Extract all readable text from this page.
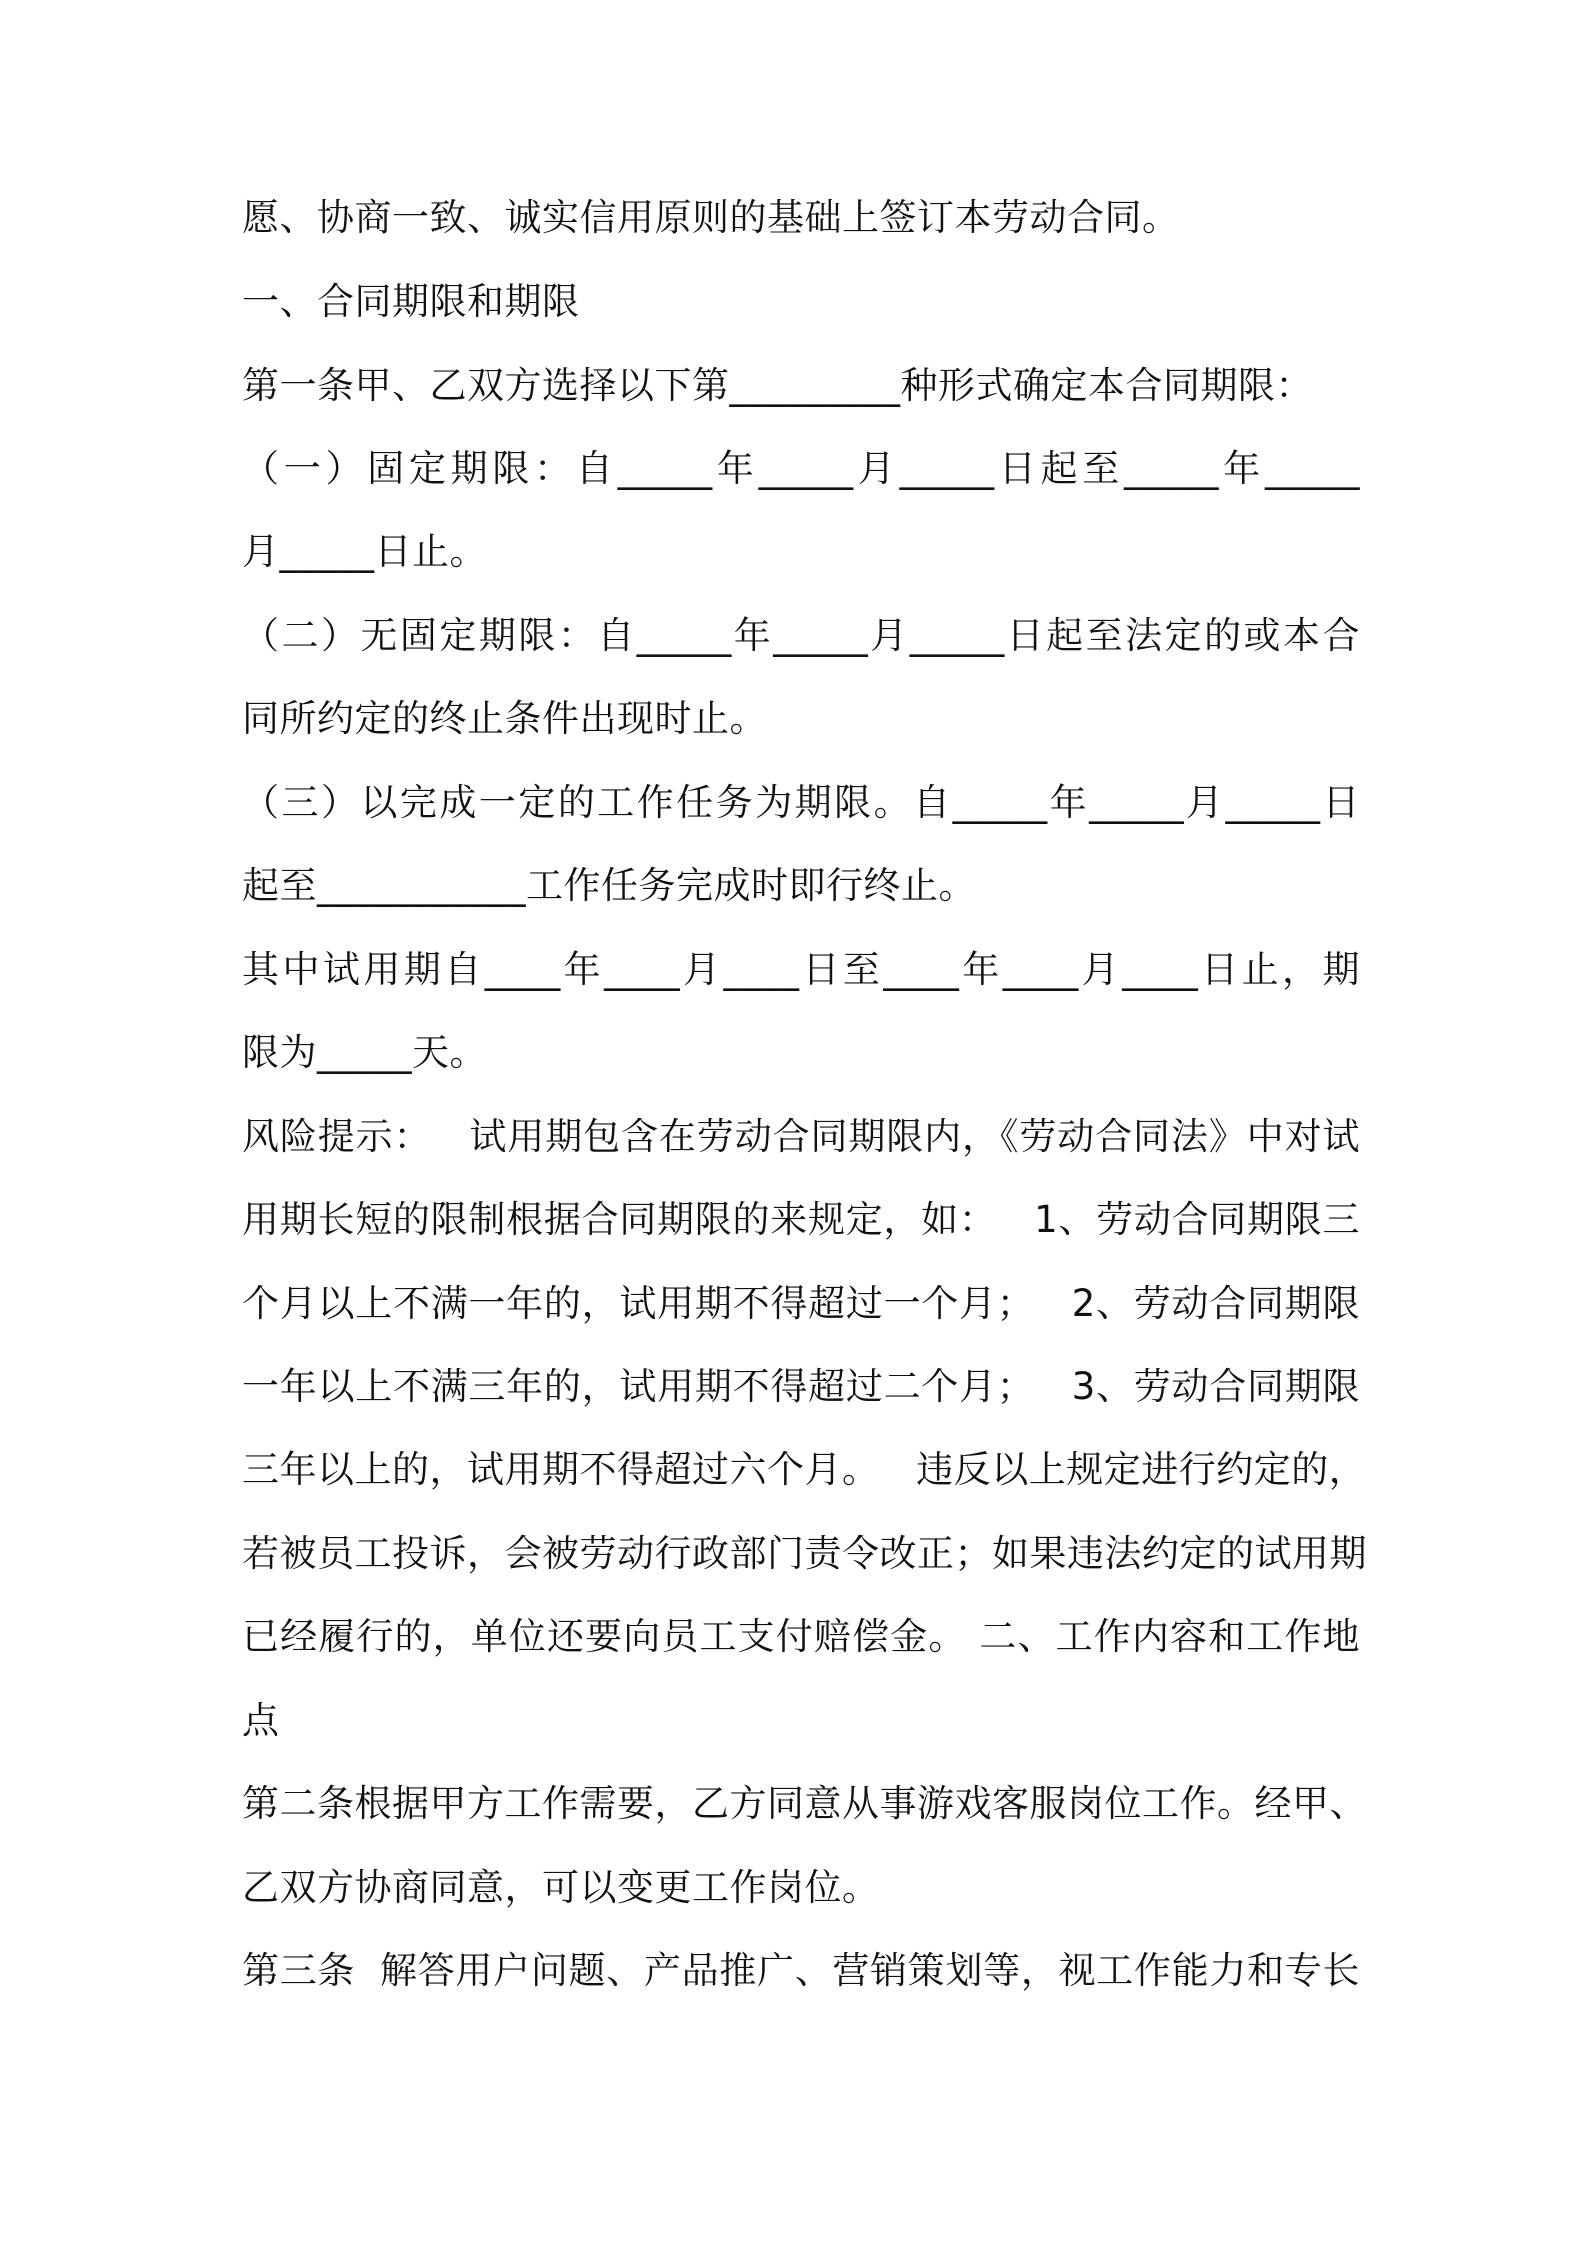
愿、协商一致、诚实信用原则的基础上签订本劳动合同。
一、合同期限和期限
第一条甲、乙双方选择以下第_________种形式确定本合同期限：
（一）固定期限：自_____年_____月_____日起至_____年_____
月_____日止。
（二）无固定期限：自_____年_____月_____日起至法定的或本合
同所约定的终止条件出现时止。
（三）以完成一定的工作任务为期限。自_____年_____月_____日
起至___________工作任务完成时即行终止。
其中试用期自____年____月____日至____年____月____日止，期
限为_____天。
风险提示：   试用期包含在劳动合同期限内，《劳动合同法》中对试
用期长短的限制根据合同期限的来规定，如：   1、劳动合同期限三
个月以上不满一年的，试用期不得超过一个月；   2、劳动合同期限
一年以上不满三年的，试用期不得超过二个月；   3、劳动合同期限
三年以上的，试用期不得超过六个月。   违反以上规定进行约定的，
若被员工投诉，会被劳动行政部门责令改正；如果违法约定的试用期
已经履行的，单位还要向员工支付赔偿金。 二、工作内容和工作地
点
第二条根据甲方工作需要，乙方同意从事游戏客服岗位工作。经甲、
乙双方协商同意，可以变更工作岗位。
第三条  解答用户问题、产品推广、营销策划等，视工作能力和专长
